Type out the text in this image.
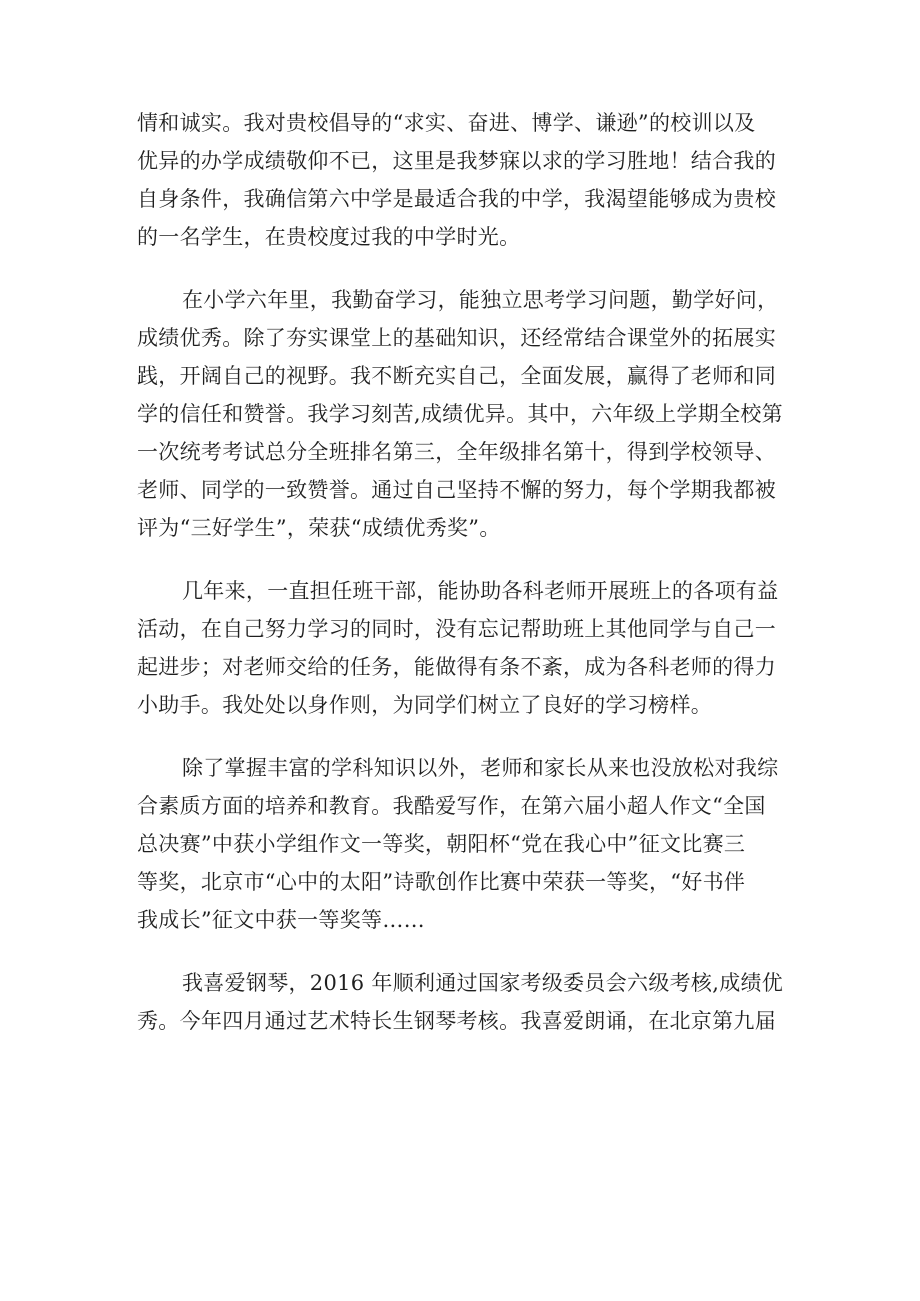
情和诚实。我对贵校倡导的“求实、奋进、博学、谦逊”的校训以及
优异的办学成绩敬仰不已，这里是我梦寐以求的学习胜地！结合我的
自身条件，我确信第六中学是最适合我的中学，我渴望能够成为贵校
的一名学生，在贵校度过我的中学时光。
在小学六年里，我勤奋学习，能独立思考学习问题，勤学好问，
成绩优秀。除了夯实课堂上的基础知识，还经常结合课堂外的拓展实
践，开阔自己的视野。我不断充实自己，全面发展，赢得了老师和同
学的信任和赞誉。我学习刻苦,成绩优异。其中，六年级上学期全校第
一次统考考试总分全班排名第三，全年级排名第十，得到学校领导、
老师、同学的一致赞誉。通过自己坚持不懈的努力，每个学期我都被
评为“三好学生”，荣获“成绩优秀奖”。
几年来，一直担任班干部，能协助各科老师开展班上的各项有益
活动，在自己努力学习的同时，没有忘记帮助班上其他同学与自己一
起进步；对老师交给的任务，能做得有条不紊，成为各科老师的得力
小助手。我处处以身作则，为同学们树立了良好的学习榜样。
除了掌握丰富的学科知识以外，老师和家长从来也没放松对我综
合素质方面的培养和教育。我酷爱写作，在第六届小超人作文“全国
总决赛”中获小学组作文一等奖，朝阳杯“党在我心中”征文比赛三
等奖，北京市“心中的太阳”诗歌创作比赛中荣获一等奖，“好书伴
我成长”征文中获一等奖等……
我喜爱钢琴，2016 年顺利通过国家考级委员会六级考核,成绩优
秀。今年四月通过艺术特长生钢琴考核。我喜爱朗诵，在北京第九届
